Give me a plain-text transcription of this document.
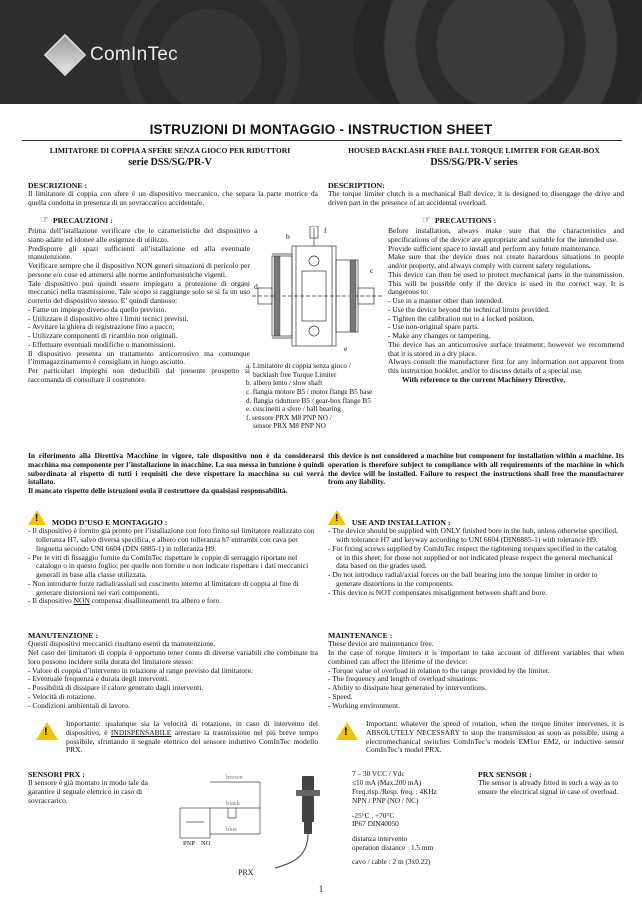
ComInTec
ISTRUZIONI DI MONTAGGIO - INSTRUCTION SHEET
LIMITATORE DI COPPIA A SFERE SENZA GIOCO PER RIDUTTORI
serie DSS/SG/PR-V
HOUSED BACKLASH FREE BALL TORQUE LIMITER FOR GEAR-BOX
DSS/SG/PR-V series
DESCRIZIONE :

Il limitatore di coppia con sfere è un dispositivo meccanico, che separa la parte motrice da quella condotta in presenza di un sovraccarico accidentale.

DESCRIPTION:

The torque limiter clutch is a mechanical Ball device, it is designed to disengage the drive and driven part in the presence of an accidental overload.

☞ PRECAUZIONI :

Prima dell’istallazione verificare che le caratteristiche del dispositivo siano adatte ed idonee alle esigenze di utilizzo.
Predisporre gli spazi sufficienti all’istallazione ed alla eventuale manutenzione.
Verificare sempre che il dispositivo NON generi situazioni di pericolo per persone e/o cose ed attenersi alle norme antinfortunistiche vigenti.
Tale dispositivo può quindi essere impiegato a protezione di organi meccanici nella trasmissione. Tale scopo si raggiunge solo se si fa un uso corretto del dispositivo stesso. E’ quindi dannoso:

- Fame un impiego diverso da quello previsto.
- Utilizzare il dispositivo oltre i limiti tecnici previsti.
- Avvitare la ghiera di registrazione fino a pacco;
- Utilizzare componenti di ricambio non originali.
- Effettuare eventuali modifiche o manomissioni.

Il dispositivo presenta un trattamento anticorrosivo ma comunque l’immagazzinamento è consigliato in luogo asciutto.
Per particolari impieghi non deducibili dal presente prospetto si raccomanda di consultare il costruttore.

a
b
c
d
e
f
a. Limitatore di coppia senza gioco /
backlash free Torque Limiter
b. albero lento / slow shaft
c. flangia motore B5 / motor flange B5 base
d. flangia riduttore B5 / gear-box flange B5
e. cuscinetti a sfere / ball bearing
f. sensore PRX M8 PNP NO /
sensor PRX M8 PNP NO
☞ PRECAUTIONS :

Before installation, always make sure that the characteristics and specifications of the device are appropriate and suitable for the intended use.
Provide sufficient space to install and perform any future maintenance.
Make sure that the device does not create hazardous situations to people and/or property, and always comply with current safety regulations.
This device can then be used to protect mechanical parts in the transmission. This will be possible only if the device is used in the correct way. It is dangerous to:

- Use in a manner other than intended.
- Use the device beyond the technical limits provided.
- Tighten the calibration nut to a locked position.
- Use non-original spare parts.
- Make any changes or tampering.

The device has an anticorrosive surface treatment; however we recommend that it is stored in a dry place.
Always consult the manufacturer first for any information not apparent from this instruction booklet, and/or to discuss details of a special use.

With reference to the current Machinery Directive,

In riferimento alla Direttiva Macchine in vigore, tale dispositivo non è da considerarsi macchina ma componente per l’installazione in macchine. La sua messa in funzione è quindi subordinata al rispetto di tutti i requisiti che deve rispettare la macchina su cui verrà istallato.
Il mancato rispetto delle istruzioni esula il costruttore da qualsiasi responsabilità.

this device is not considered a machine but component for installation within a machine. Its operation is therefore subject to compliance with all requirements of the machine in which the device will be installed. Failure to respect the instructions shall free the manufacturer from any liability.

! MODO D’USO E MONTAGGIO :
- Il dispositivo è fornito già pronto per l’istallazione con foro finito sul limitatore realizzato con tolleranza H7, salvo diversa specifica, e albero con tolleranza h7 entrambi con cava per linguetta secondo UNI 6604 (DIN 6885-1) in tolleranza H9.
- Per le viti di fissaggio fornite da ComInTec rispettare le coppie di serraggio riportate nel catalogo o in questo foglio; per quelle non fornite o non indicate rispettare i dati meccanici generali in base alla classe utilizzata.
- Non introdurre forze radiali/assiali sul cuscinetto interno al limitatore di coppia al fine di generare distorsioni nei vari componenti.
- Il dispositivo NON compensa disallineamenti tra albero e foro.
! USE AND INSTALLATION :
- The device should be supplied with ONLY finished bore in the hub, unless otherwise specified, with tolerance H7 and keyway according to UNI 6604 (DIN6885-1) with tolerance H9.
- For fixing screws supplied by ComInTec respect the tightening torques specified in the catalog or in this sheet; for those not supplied or not indicated please respect the general mechanical data based on the grades used.
- Do not introduce radial/axial forces on the ball bearing into the torque limiter in order to generate distortions in the components.
- This device is NOT compensates misalignment between shaft and bore.
MANUTENZIONE :

Questi dispositivi meccanici risultano esenti da manutenzione.
Nel caso dei limitatori di coppia è opportuno tener conto di diverse variabili che combinate tra loro possono incidere sulla durata del limitatore stesso:

- Valore di coppia d’intervento in relazione al range previsto dal limitatore.
- Eventuale frequenza e durata degli interventi.
- Possibilità di dissipare il calore generato dagli interventi.
- Velocità di rotazione.
- Condizioni ambientali di lavoro.
MAINTENANCE :

These device are maintenance free.
In the case of torque limiters it is important to take account of different variables that when combined can affect the lifetime of the device:

- Torque value of overload in relation to the range provided by the limiter.
- The frequency and length of overload situations.
- Ability to dissipate heat generated by interventions.
- Speed.
- Working environment.
!

Importante: qualunque sia la velocità di rotazione, in caso di intervento del dispositivo, è INDISPENSABILE arrestare la trasmissione nel più breve tempo possibile, sfruttando il segnale elettrico del sensore induttivo ComInTec modello PRX.

!

Important: whatever the speed of rotation, when the torque limiter intervenes, it is ABSOLUTELY NECESSARY to stop the transmission as soon as possible, using a electromechanical switches ComInTec’s models EM1or EM2, or inductive sensor ComInTec’s model PRX.

SENSORI PRX :

Il sensore è già montato in modo tale da garantire il segnale elettrico in caso di sovraccarico.

brown
black
blue
PNP NO
PRX
7 – 30 VCC / Vdc
≤10 mA (Max.200 mA)
Freq.risp./Resp. freq. : 4KHz
NPN / PNP (NO / NC)
-25°C , +70°C
IP67 DIN40050
distanza intervento
operation distance : 1.5 mm
cavo / cable : 2 m (3x0.22)
PRX SENSOR :

The sensor is already fitted in such a way as to ensure the electrical signal in case of overload.

1
